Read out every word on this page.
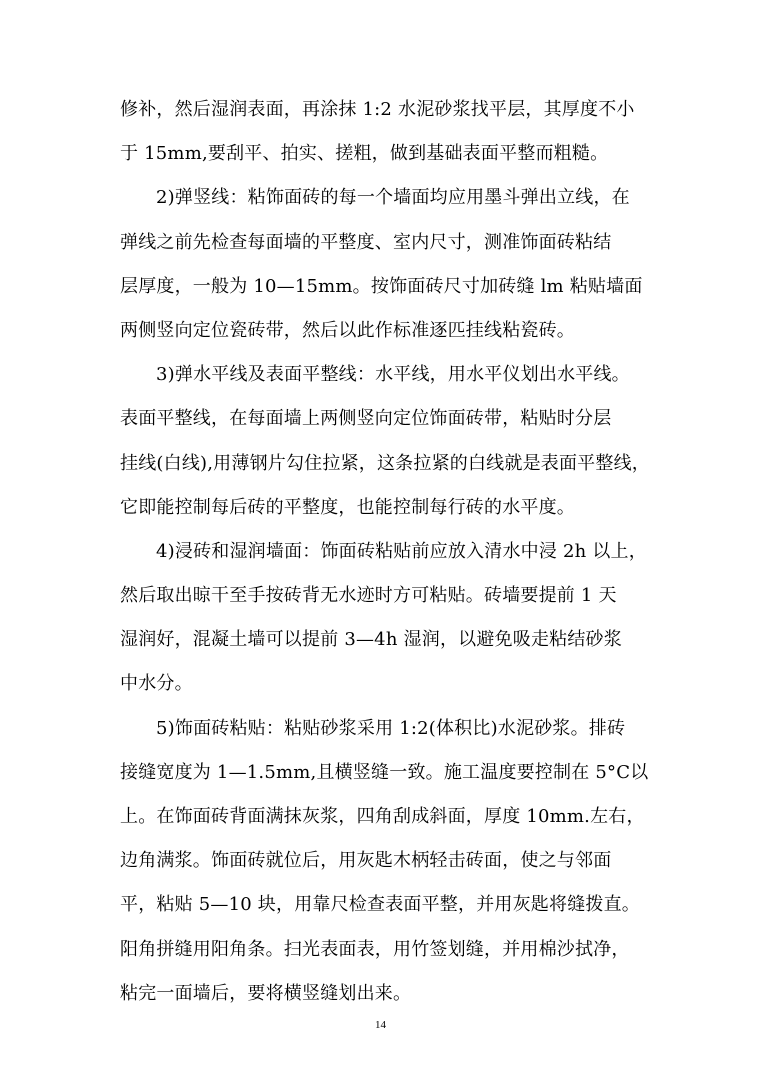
修补，然后湿润表面，再涂抹 1:2 水泥砂浆找平层，其厚度不小
于 15mm,要刮平、拍实、搓粗，做到基础表面平整而粗糙。
2)弹竖线：粘饰面砖的每一个墙面均应用墨斗弹出立线，在
弹线之前先检查每面墙的平整度、室内尺寸，测准饰面砖粘结
层厚度，一般为 10—15mm。按饰面砖尺寸加砖缝 lm 粘贴墙面
两侧竖向定位瓷砖带，然后以此作标准逐匹挂线粘瓷砖。
3)弹水平线及表面平整线：水平线，用水平仪划出水平线。
表面平整线，在每面墙上两侧竖向定位饰面砖带，粘贴时分层
挂线(白线),用薄钢片勾住拉紧，这条拉紧的白线就是表面平整线，
它即能控制每后砖的平整度，也能控制每行砖的水平度。
4)浸砖和湿润墙面：饰面砖粘贴前应放入清水中浸 2h 以上，
然后取出晾干至手按砖背无水迹时方可粘贴。砖墙要提前 1 天
湿润好，混凝土墙可以提前 3—4h 湿润，以避免吸走粘结砂浆
中水分。
5)饰面砖粘贴：粘贴砂浆采用 1:2(体积比)水泥砂浆。排砖
接缝宽度为 1—1.5mm,且横竖缝一致。施工温度要控制在 5°C以
上。在饰面砖背面满抹灰浆，四角刮成斜面，厚度 10mm.左右，
边角满浆。饰面砖就位后，用灰匙木柄轻击砖面，使之与邻面
平，粘贴 5—10 块，用靠尺检查表面平整，并用灰匙将缝拨直。
阳角拼缝用阳角条。扫光表面表，用竹签划缝，并用棉沙拭净，
粘完一面墙后，要将横竖缝划出来。
14
